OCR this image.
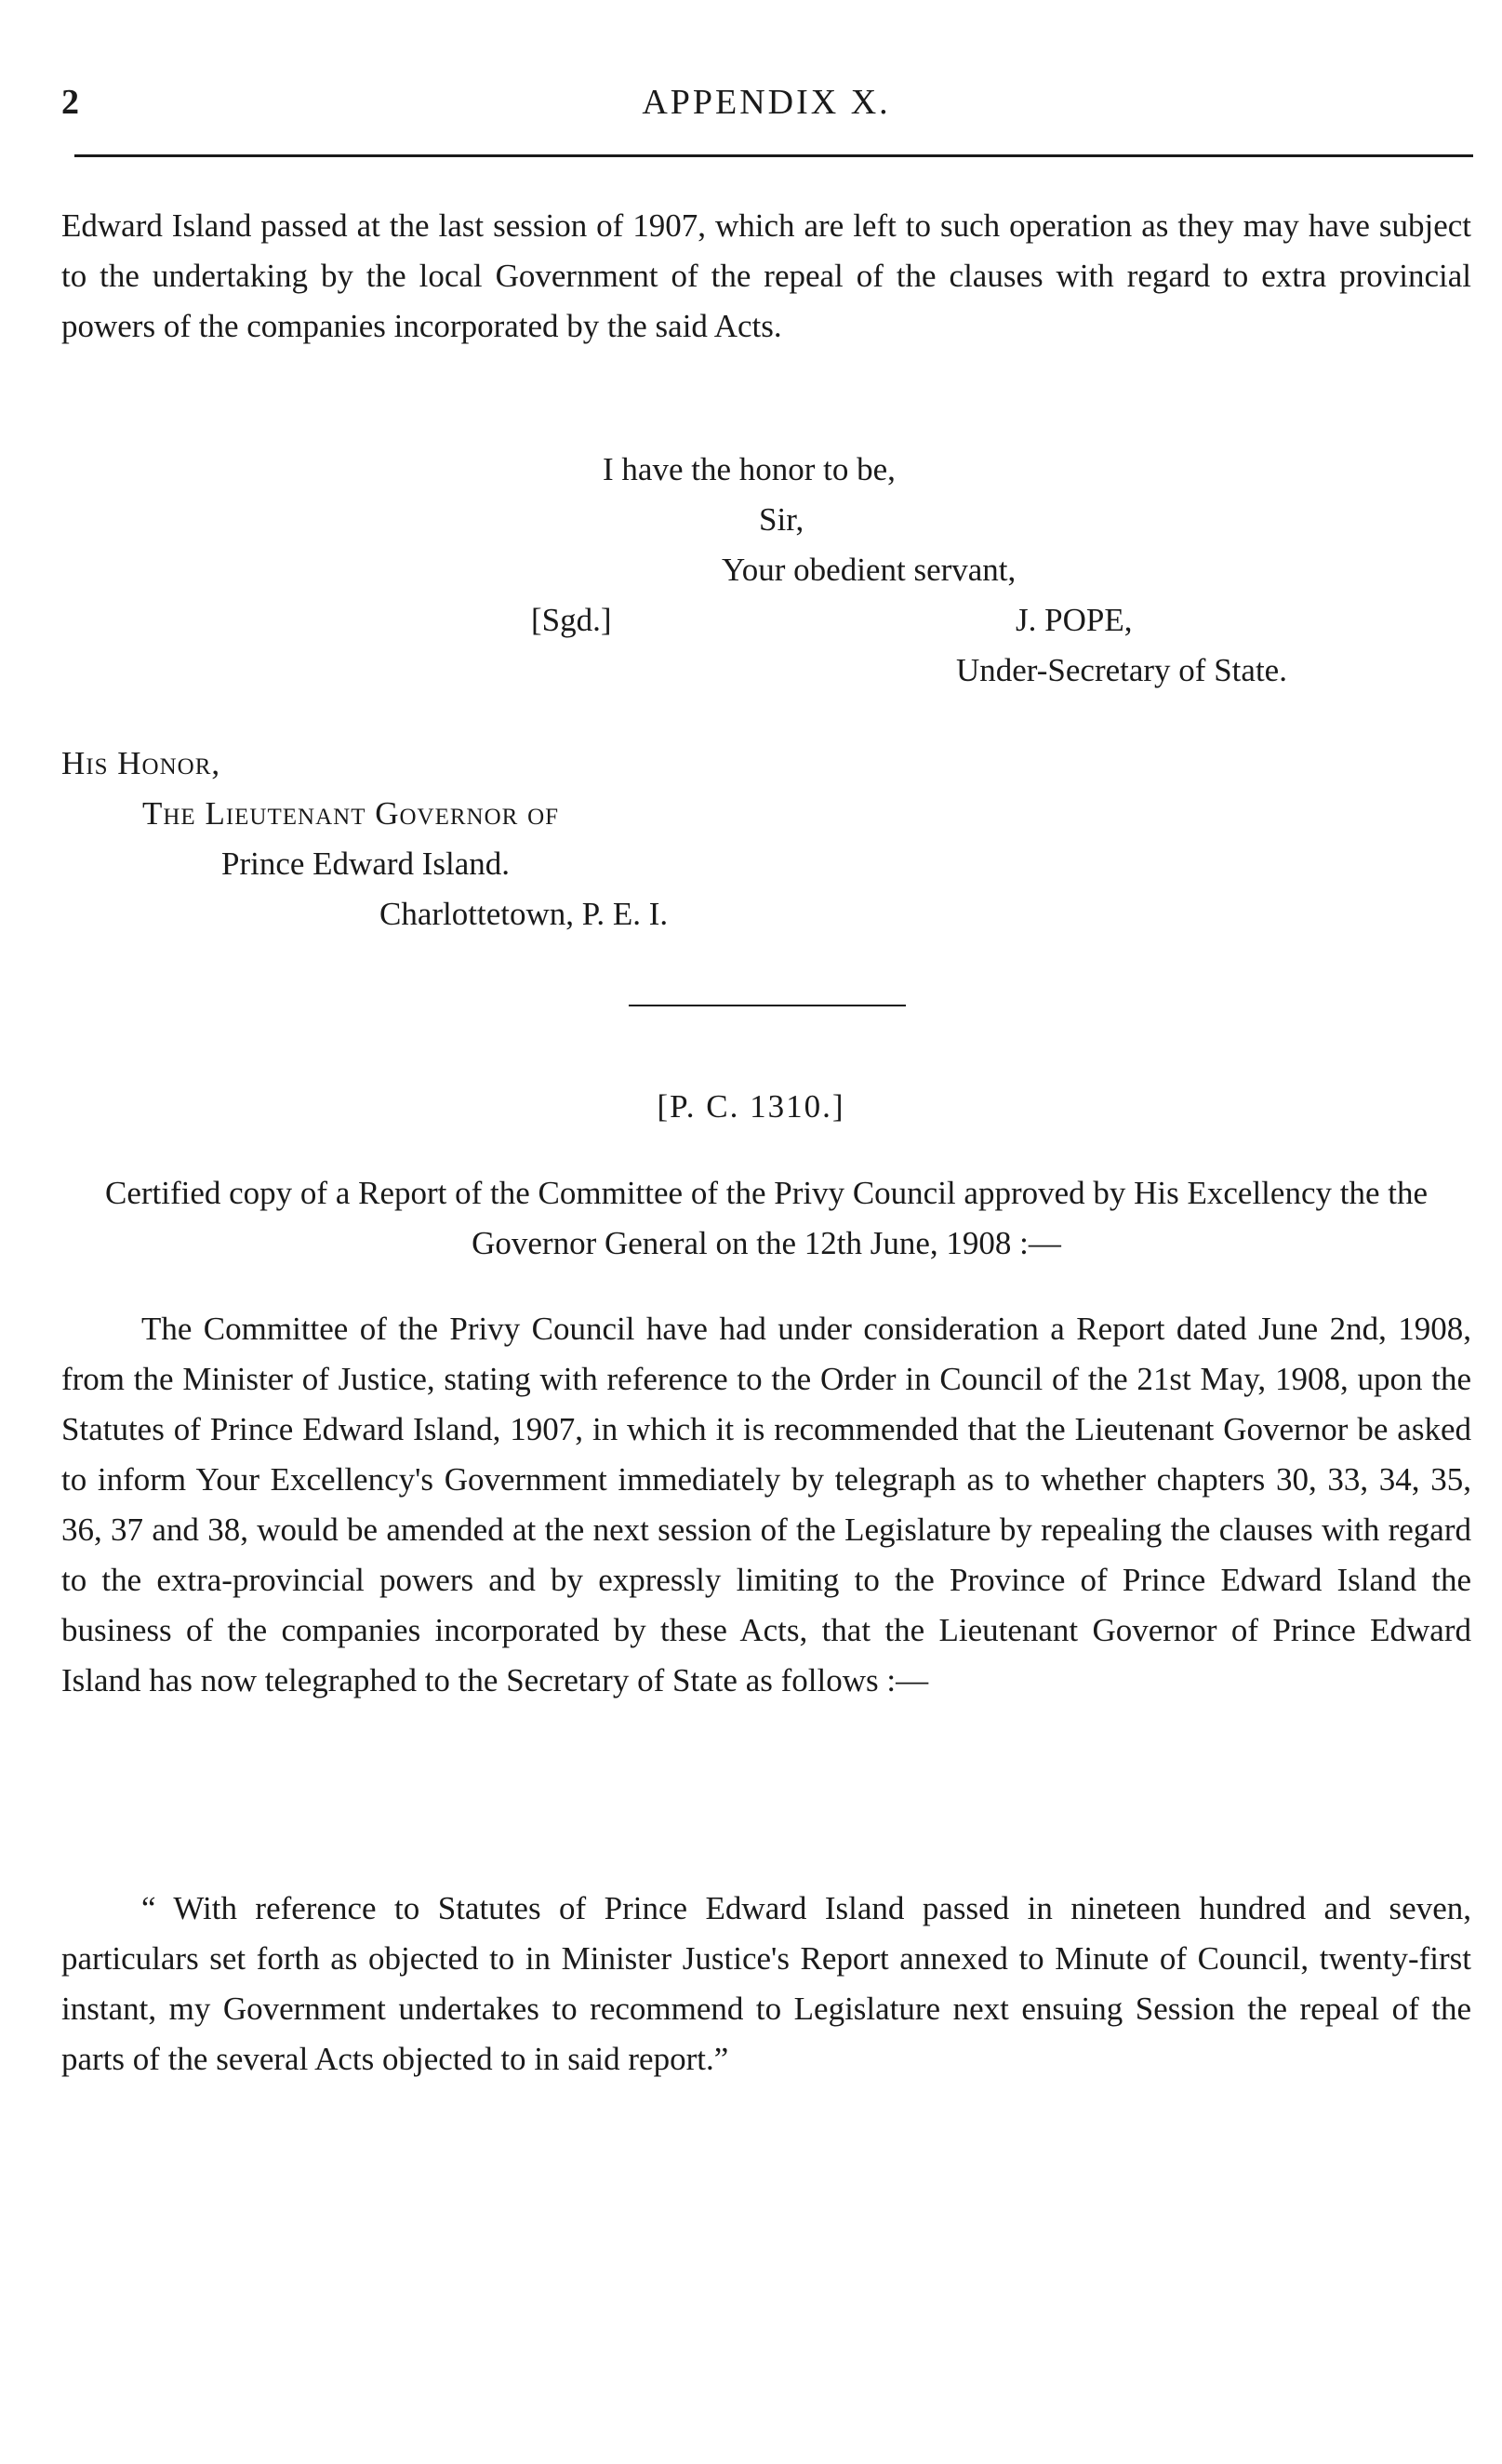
2	APPENDIX X.

Edward Island passed at the last session of 1907, which are left to such operation as they may have subject to the undertaking by the local Government of the repeal of the clauses with regard to extra provincial powers of the companies incorporated by the said Acts.

I have the honor to be,
Sir,
Your obedient servant,
[Sgd.]	J. POPE,
Under-Secretary of State.
His Honor,
The Lieutenant Governor of
Prince Edward Island.
Charlottetown, P. E. I.
[P. C. 1310.]

Certified copy of a Report of the Committee of the Privy Council approved by His Excellency the the Governor General on the 12th June, 1908 :—

The Committee of the Privy Council have had under consideration a Report dated June 2nd, 1908, from the Minister of Justice, stating with reference to the Order in Council of the 21st May, 1908, upon the Statutes of Prince Edward Island, 1907, in which it is recommended that the Lieutenant Governor be asked to inform Your Excellency's Government immediately by telegraph as to whether chapters 30, 33, 34, 35, 36, 37 and 38, would be amended at the next session of the Legislature by repealing the clauses with regard to the extra-provincial powers and by expressly limiting to the Province of Prince Edward Island the business of the companies incorporated by these Acts, that the Lieutenant Governor of Prince Edward Island has now telegraphed to the Secretary of State as follows :—

“ With reference to Statutes of Prince Edward Island passed in nineteen hundred and seven, particulars set forth as objected to in Minister Justice's Report annexed to Minute of Council, twenty-first instant, my Government undertakes to recommend to Legislature next ensuing Session the repeal of the parts of the several Acts objected to in said report.”
